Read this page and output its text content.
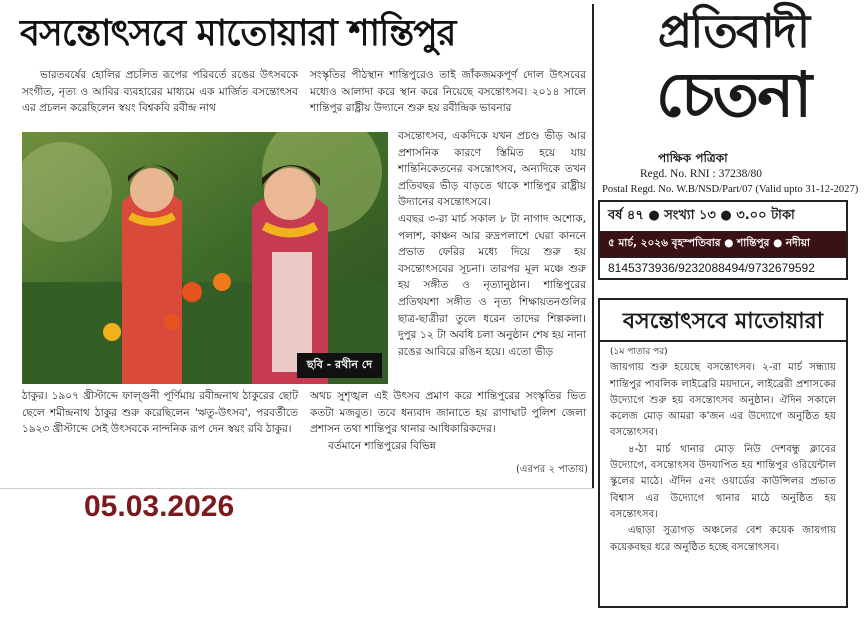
বসন্তোৎসবে মাতোয়ারা শান্তিপুর

ভারতবর্ষের হোলির প্রচলিত রূপের পরিবর্তে রঙের উৎসবকে সংগীত, নৃত্য ও আবির ব্যবহারের মাধ্যমে এক মার্জিত বসন্তোৎসব এর প্রচলন করেছিলেন স্বয়ং বিশ্বকবি রবীন্দ্র নাথ

সংস্কৃতির পীঠস্থান শান্তিপুরেও তাই জাঁকজমকপূর্ণ দোল উৎসবের মধ্যেও আলাদা করে স্থান করে নিয়েছে বসন্তোৎসব। ২০১৪ সালে শান্তিপুর রাষ্ট্রীয় উদ্যানে শুরু হয় রবীন্দ্রিক ভাবনার

ছবি - রথীন দে

বসন্তোৎসব, একদিকে যখন প্রচণ্ড ভীড় আর প্রশাসনিক কারণে স্তিমিত হয়ে যায় শান্তিনিকেতনের বসন্তোৎসব, অন্যদিকে তখন প্রতিবছর ভীড় বাড়তে থাকে শান্তিপুর রাষ্ট্রীয় উদ্যানের বসন্তোৎসবে।

এবছর ৩-রা মার্চ সকাল ৮ টা নাগাদ অশোক, পলাশ, কাঞ্চন আর রুদ্রপলাশে ঘেরা কাননে প্রভাত ফেরির মধ্যে দিয়ে শুরু হয় বসন্তোৎসবের সূচনা। তারপর মূল মঞ্চে শুরু হয় সঙ্গীত ও নৃত্যানুষ্ঠান। শান্তিপুরের প্রতিথযশা সঙ্গীত ও নৃত্য শিক্ষায়তনগুলির ছাত্র-ছাত্রীরা তুলে ধরেন তাদের শিল্পকলা। দুপুর ১২ টা অবধি চলা অনুষ্ঠান শেষ হয় নানা রঙের আবিরে রঙিন হয়ে। এতো ভীড়

ঠাকুর। ১৯০৭ খ্রীস্টাব্দে ফাল্গুনী পূর্ণিমায় রবীন্দ্রনাথ ঠাকুরের ছোট ছেলে শমীন্দ্রনাথ ঠাকুর শুরু করেছিলেন 'ঋতু-উৎসব', পরবর্তীতে ১৯২৩ খ্রীস্টাব্দে সেই উৎসবকে নান্দনিক রূপ দেন স্বয়ং রবি ঠাকুর।

অথচ সুশৃঙ্খল এই উৎসব প্রমাণ করে শান্তিপুরের সংস্কৃতির ভিত কতটা মজবুত। তবে ধন্যবাদ জানাতে হয় রাণাঘাট পুলিশ জেলা প্রশাসন তথা শান্তিপুর থানার আধিকারিকদের।

বর্তমানে শান্তিপুরের বিভিন্ন

(এরপর ২ পাতায়)
05.03.2026
প্রতিবাদী
চেতনা
পাক্ষিক পত্রিকা
Regd. No. RNI : 37238/80
Postal Regd. No. W.B/NSD/Part/07 (Valid upto 31-12-2027)
বর্ষ ৪৭ ● সংখ্যা ১৩ ● ৩.০০ টাকা
৫ মার্চ, ২০২৬ বৃহস্পতিবার ● শান্তিপুর ● নদীয়া
8145373936/9232088494/9732679592
বসন্তোৎসবে মাতোয়ারা

(১ম পাতার পর)

জায়গায় শুরু হয়েছে বসন্তোৎসব। ২-রা মার্চ সন্ধ্যায় শান্তিপুর পাবলিক লাইব্রেরি ময়দানে, লাইব্রেরী প্রশাসকের উদ্যোগে শুরু হয় বসন্তোৎসব অনুষ্ঠান। ঐদিন সকালে কলেজ মোড় আমরা ক'জন এর উদ্যোগে অনুষ্ঠিত হয় বসন্তোৎসব।

৪-ঠা মার্চ থানার মোড় নিউ দেশবন্ধু ক্লাবের উদ্যোগে, বসন্তোৎসব উদযাপিত হয় শান্তিপুর ওরিয়েন্টাল স্কুলের মাঠে। ঐদিন ৫নং ওয়ার্ডের কাউন্সিলর প্রভাত বিশ্বাস এর উদ্যোগে থানার মাঠে অনুষ্ঠিত হয় বসন্তোৎসব।

এছাড়া সুত্রাগড় অঞ্চলের বেশ কয়েক জায়গায় কয়েকবছর ধরে অনুষ্ঠিত হচ্ছে বসন্তোৎসব।
